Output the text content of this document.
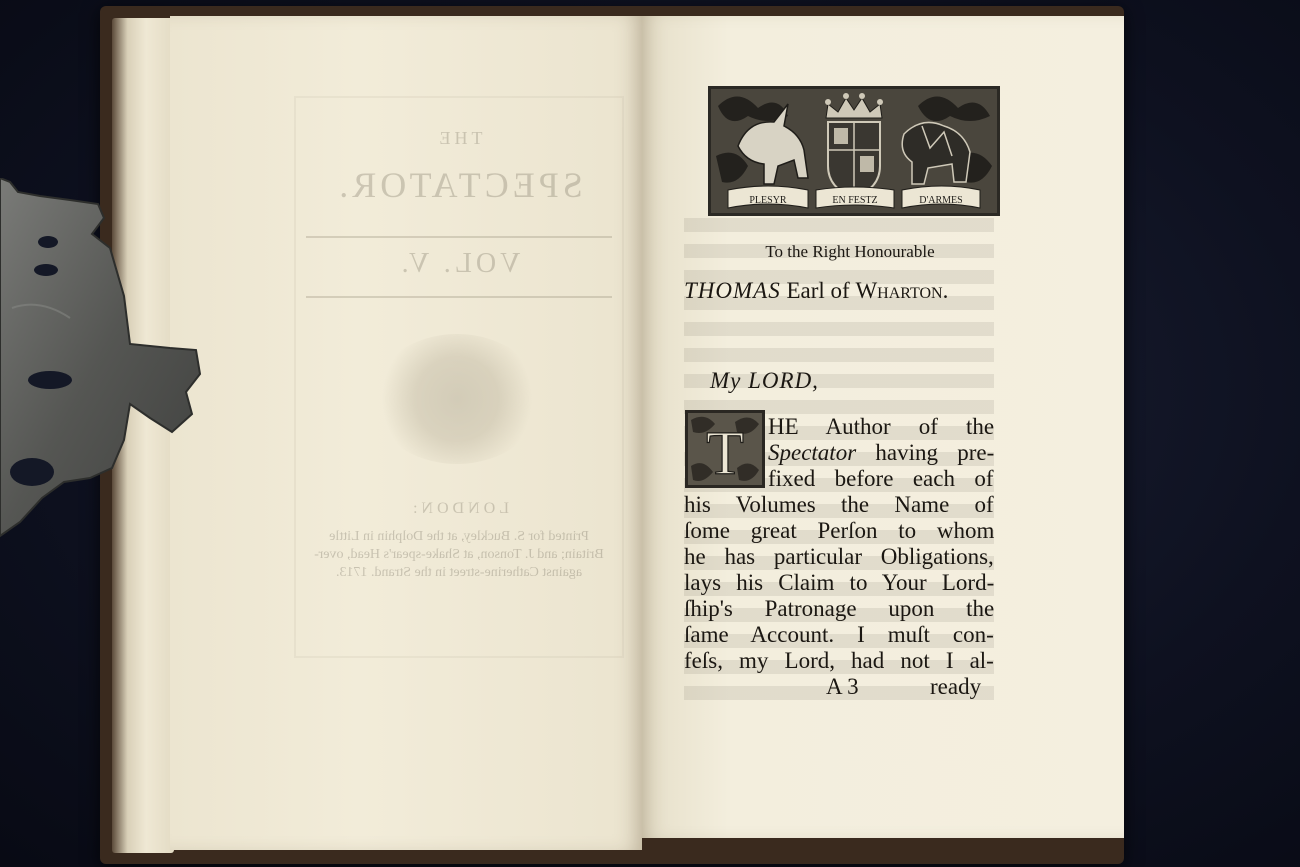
THE
SPECTATOR.
VOL. V.
LONDON:
Printed for S. Buckley, at the Dolphin in Little Britain; and J. Tonson, at Shake-spear's Head, over-against Catherine-street in the Strand. 1713.
PLESYR	EN FESTZ	D'ARMES
To the Right Honourable
THOMAS Earl of Wharton.
My LORD,
T HE Author of the
Spectator having pre-
fixed before each of
his Volumes the Name of
ſome great Perſon to whom
he has particular Obligations,
lays his Claim to Your Lord-
ſhip's Patronage upon the
ſame Account. I muſt con-
feſs, my Lord, had not I al-
A 3	ready
